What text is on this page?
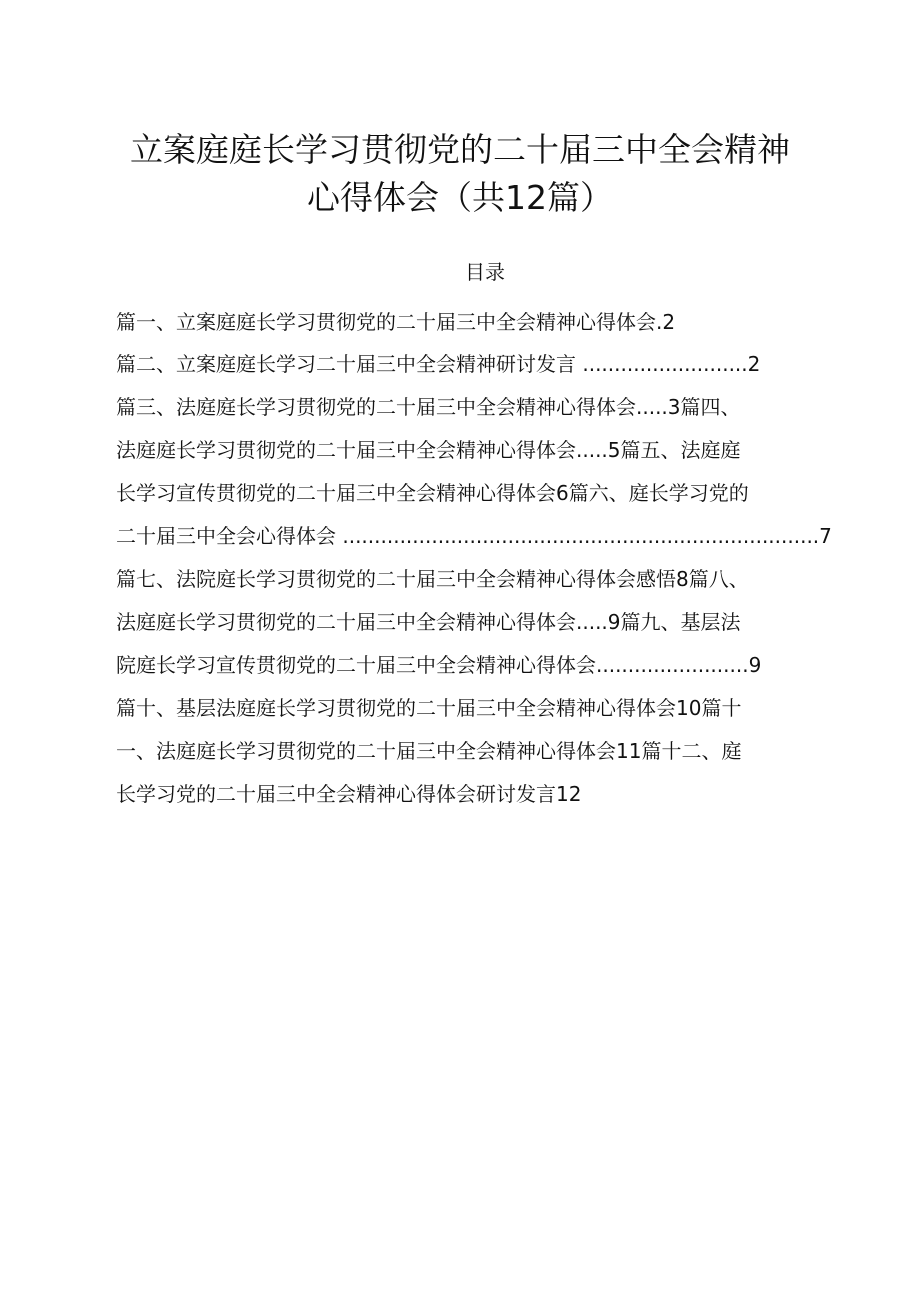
立案庭庭长学习贯彻党的二十届三中全会精神
心得体会（共12篇）
目录
篇一、立案庭庭长学习贯彻党的二十届三中全会精神心得体会.2
篇二、立案庭庭长学习二十届三中全会精神研讨发言 ..........................2
篇三、法庭庭长学习贯彻党的二十届三中全会精神心得体会.....3篇四、
法庭庭长学习贯彻党的二十届三中全会精神心得体会.....5篇五、法庭庭
长学习宣传贯彻党的二十届三中全会精神心得体会6篇六、庭长学习党的
二十届三中全会心得体会 ...........................................................................7
篇七、法院庭长学习贯彻党的二十届三中全会精神心得体会感悟8篇八、
法庭庭长学习贯彻党的二十届三中全会精神心得体会.....9篇九、基层法
院庭长学习宣传贯彻党的二十届三中全会精神心得体会........................9
篇十、基层法庭庭长学习贯彻党的二十届三中全会精神心得体会10篇十
一、法庭庭长学习贯彻党的二十届三中全会精神心得体会11篇十二、庭
长学习党的二十届三中全会精神心得体会研讨发言12
